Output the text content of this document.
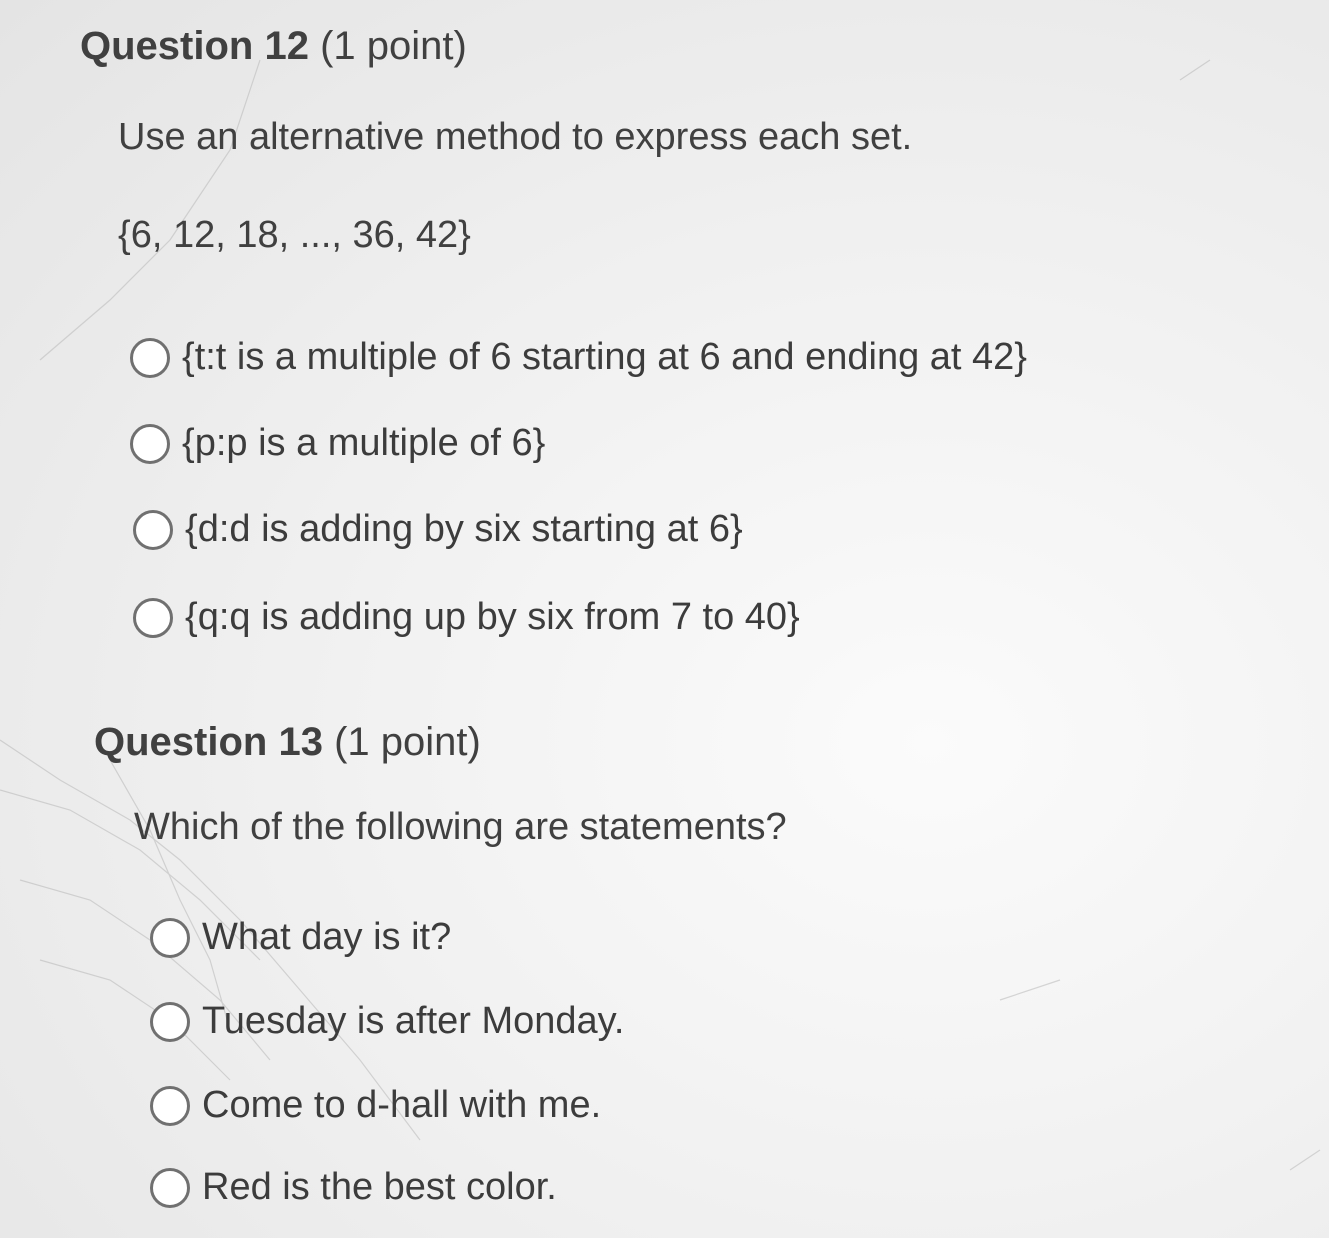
Question 12 (1 point)
Use an alternative method to express each set.
{6, 12, 18, ..., 36, 42}
{t:t is a multiple of 6 starting at 6 and ending at 42}
{p:p is a multiple of 6}
{d:d is adding by six starting at 6}
{q:q is adding up by six from 7 to 40}
Question 13 (1 point)
Which of the following are statements?
What day is it?
Tuesday is after Monday.
Come to d-hall with me.
Red is the best color.
